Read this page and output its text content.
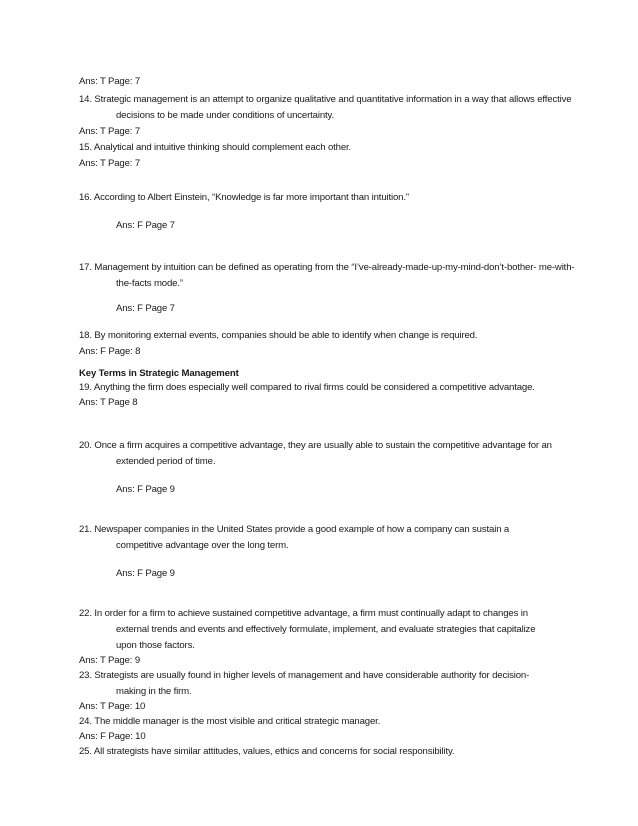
Ans: T Page: 7
14. Strategic management is an attempt to organize qualitative and quantitative information in a way that allows effective
decisions to be made under conditions of uncertainty.
Ans: T Page: 7
15. Analytical and intuitive thinking should complement each other.
Ans: T Page: 7
16. According to Albert Einstein, “Knowledge is far more important than intuition.”
Ans: F Page 7
17. Management by intuition can be defined as operating from the “I’ve-already-made-up-my-mind-don’t-bother- me-with-
the-facts mode.”
Ans: F Page 7
18. By monitoring external events, companies should be able to identify when change is required.
Ans: F Page: 8
Key Terms in Strategic Management
19. Anything the firm does especially well compared to rival firms could be considered a competitive advantage.
Ans: T Page 8
20. Once a firm acquires a competitive advantage, they are usually able to sustain the competitive advantage for an
extended period of time.
Ans: F Page 9
21. Newspaper companies in the United States provide a good example of how a company can sustain a
competitive advantage over the long term.
Ans: F Page 9
22. In order for a firm to achieve sustained competitive advantage, a firm must continually adapt to changes in
external trends and events and effectively formulate, implement, and evaluate strategies that capitalize
upon those factors.
Ans: T Page: 9
23. Strategists are usually found in higher levels of management and have considerable authority for decision-
making in the firm.
Ans: T Page: 10
24. The middle manager is the most visible and critical strategic manager.
Ans: F Page: 10
25. All strategists have similar attitudes, values, ethics and concerns for social responsibility.
